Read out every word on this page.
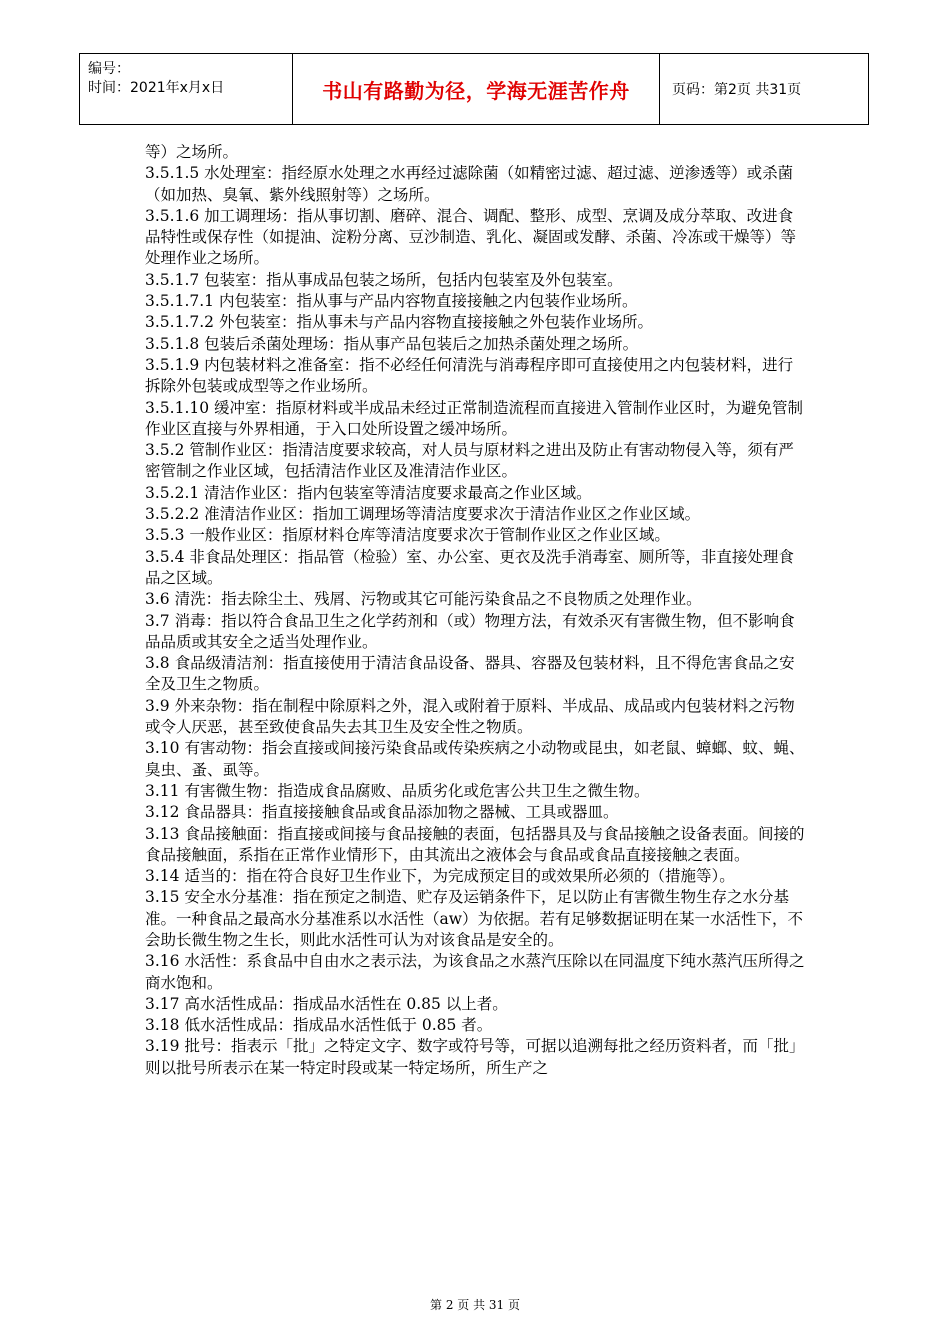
编号：
时间：2021年x月x日	书山有路勤为径，学海无涯苦作舟	页码：第2页 共31页

等）之场所。

3.5.1.5 水处理室：指经原水处理之水再经过滤除菌（如精密过滤、超过滤、逆渗透等）或杀菌（如加热、臭氧、紫外线照射等）之场所。

3.5.1.6 加工调理场：指从事切割、磨碎、混合、调配、整形、成型、烹调及成分萃取、改进食品特性或保存性（如提油、淀粉分离、豆沙制造、乳化、凝固或发酵、杀菌、冷冻或干燥等）等处理作业之场所。

3.5.1.7 包装室：指从事成品包装之场所，包括内包装室及外包装室。

3.5.1.7.1 内包装室：指从事与产品内容物直接接触之内包装作业场所。

3.5.1.7.2 外包装室：指从事未与产品内容物直接接触之外包装作业场所。

3.5.1.8 包装后杀菌处理场：指从事产品包装后之加热杀菌处理之场所。

3.5.1.9 内包装材料之准备室：指不必经任何清洗与消毒程序即可直接使用之内包装材料，进行拆除外包装或成型等之作业场所。

3.5.1.10 缓冲室：指原材料或半成品未经过正常制造流程而直接进入管制作业区时，为避免管制作业区直接与外界相通，于入口处所设置之缓冲场所。

3.5.2 管制作业区：指清洁度要求较高，对人员与原材料之进出及防止有害动物侵入等，须有严密管制之作业区域，包括清洁作业区及准清洁作业区。

3.5.2.1 清洁作业区：指内包装室等清洁度要求最高之作业区域。

3.5.2.2 准清洁作业区：指加工调理场等清洁度要求次于清洁作业区之作业区域。

3.5.3 一般作业区：指原材料仓库等清洁度要求次于管制作业区之作业区域。

3.5.4 非食品处理区：指品管（检验）室、办公室、更衣及洗手消毒室、厕所等，非直接处理食品之区域。

3.6 清洗：指去除尘土、残屑、污物或其它可能污染食品之不良物质之处理作业。

3.7 消毒：指以符合食品卫生之化学药剂和（或）物理方法，有效杀灭有害微生物，但不影响食品品质或其安全之适当处理作业。

3.8 食品级清洁剂：指直接使用于清洁食品设备、器具、容器及包装材料，且不得危害食品之安全及卫生之物质。

3.9 外来杂物：指在制程中除原料之外，混入或附着于原料、半成品、成品或内包装材料之污物或令人厌恶，甚至致使食品失去其卫生及安全性之物质。

3.10 有害动物：指会直接或间接污染食品或传染疾病之小动物或昆虫，如老鼠、蟑螂、蚊、蝇、臭虫、蚤、虱等。

3.11 有害微生物：指造成食品腐败、品质劣化或危害公共卫生之微生物。

3.12 食品器具：指直接接触食品或食品添加物之器械、工具或器皿。

3.13 食品接触面：指直接或间接与食品接触的表面，包括器具及与食品接触之设备表面。间接的食品接触面，系指在正常作业情形下，由其流出之液体会与食品或食品直接接触之表面。

3.14 适当的：指在符合良好卫生作业下，为完成预定目的或效果所必须的（措施等）。

3.15 安全水分基准：指在预定之制造、贮存及运销条件下，足以防止有害微生物生存之水分基准。一种食品之最高水分基准系以水活性（aw）为依据。若有足够数据证明在某一水活性下，不会助长微生物之生长，则此水活性可认为对该食品是安全的。

3.16 水活性：系食品中自由水之表示法，为该食品之水蒸汽压除以在同温度下纯水蒸汽压所得之商水饱和。

3.17 高水活性成品：指成品水活性在 0.85 以上者。

3.18 低水活性成品：指成品水活性低于 0.85 者。

3.19 批号：指表示「批」之特定文字、数字或符号等，可据以追溯每批之经历资料者，而「批」则以批号所表示在某一特定时段或某一特定场所，所生产之

第 2 页 共 31 页
